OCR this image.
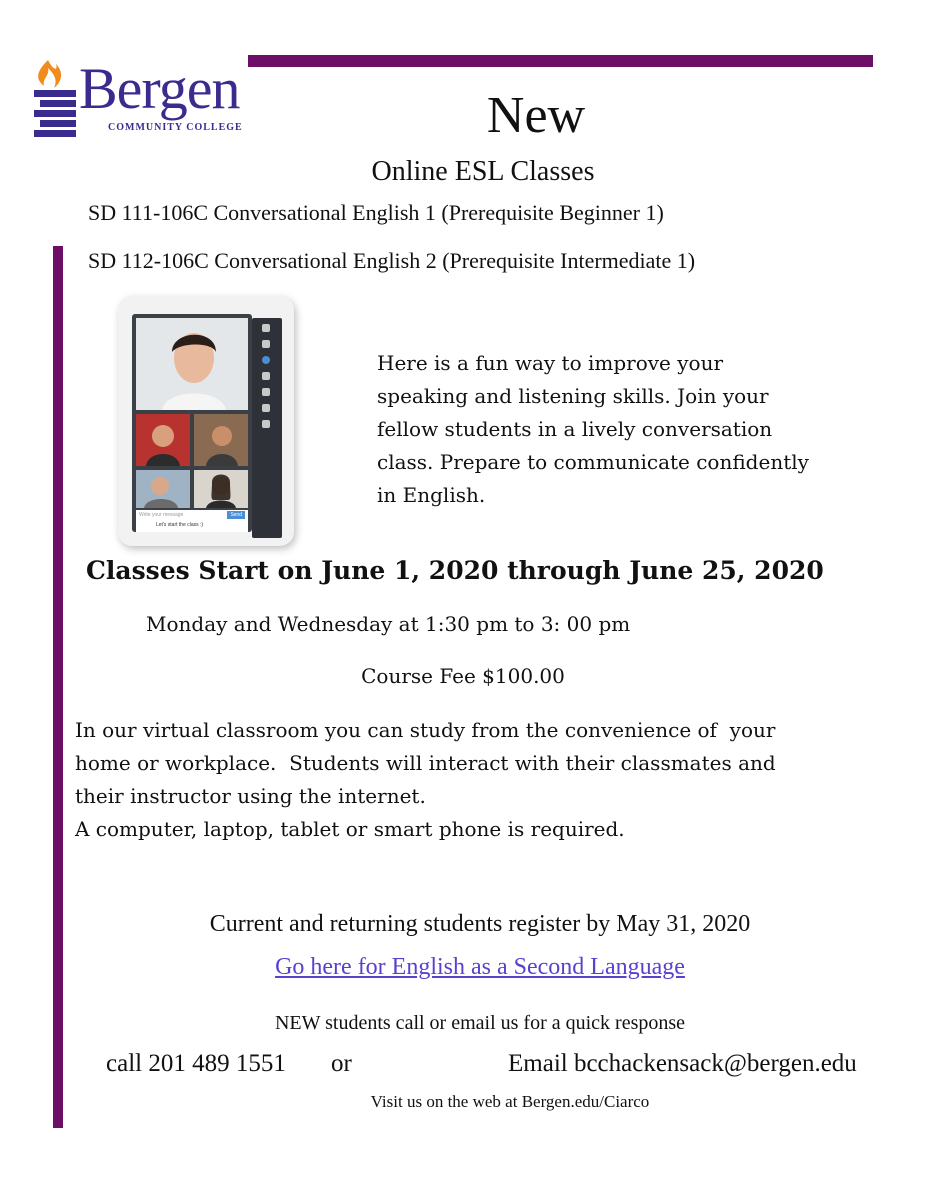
Bergen
COMMUNITY COLLEGE	New
Online ESL Classes
SD 111-106C Conversational English 1 (Prerequisite Beginner 1)
SD 112-106C Conversational English 2 (Prerequisite Intermediate 1)
Write your message	Send
Let's start the class :)
Here is a fun way to improve your speaking and listening skills. Join your fellow students in a lively conversation class. Prepare to communicate confidently in English.
Classes Start on June 1, 2020 through June 25, 2020
Monday and Wednesday at 1:30 pm to 3: 00 pm
Course Fee $100.00
In our virtual classroom you can study from the convenience of  your
home or workplace.  Students will interact with their classmates and
their instructor using the internet.
A computer, laptop, tablet or smart phone is required.
Current and returning students register by May 31, 2020
Go here for English as a Second Language
NEW students call or email us for a quick response
call 201 489 1551 or	Email bcchackensack@bergen.edu
Visit us on the web at Bergen.edu/Ciarco
